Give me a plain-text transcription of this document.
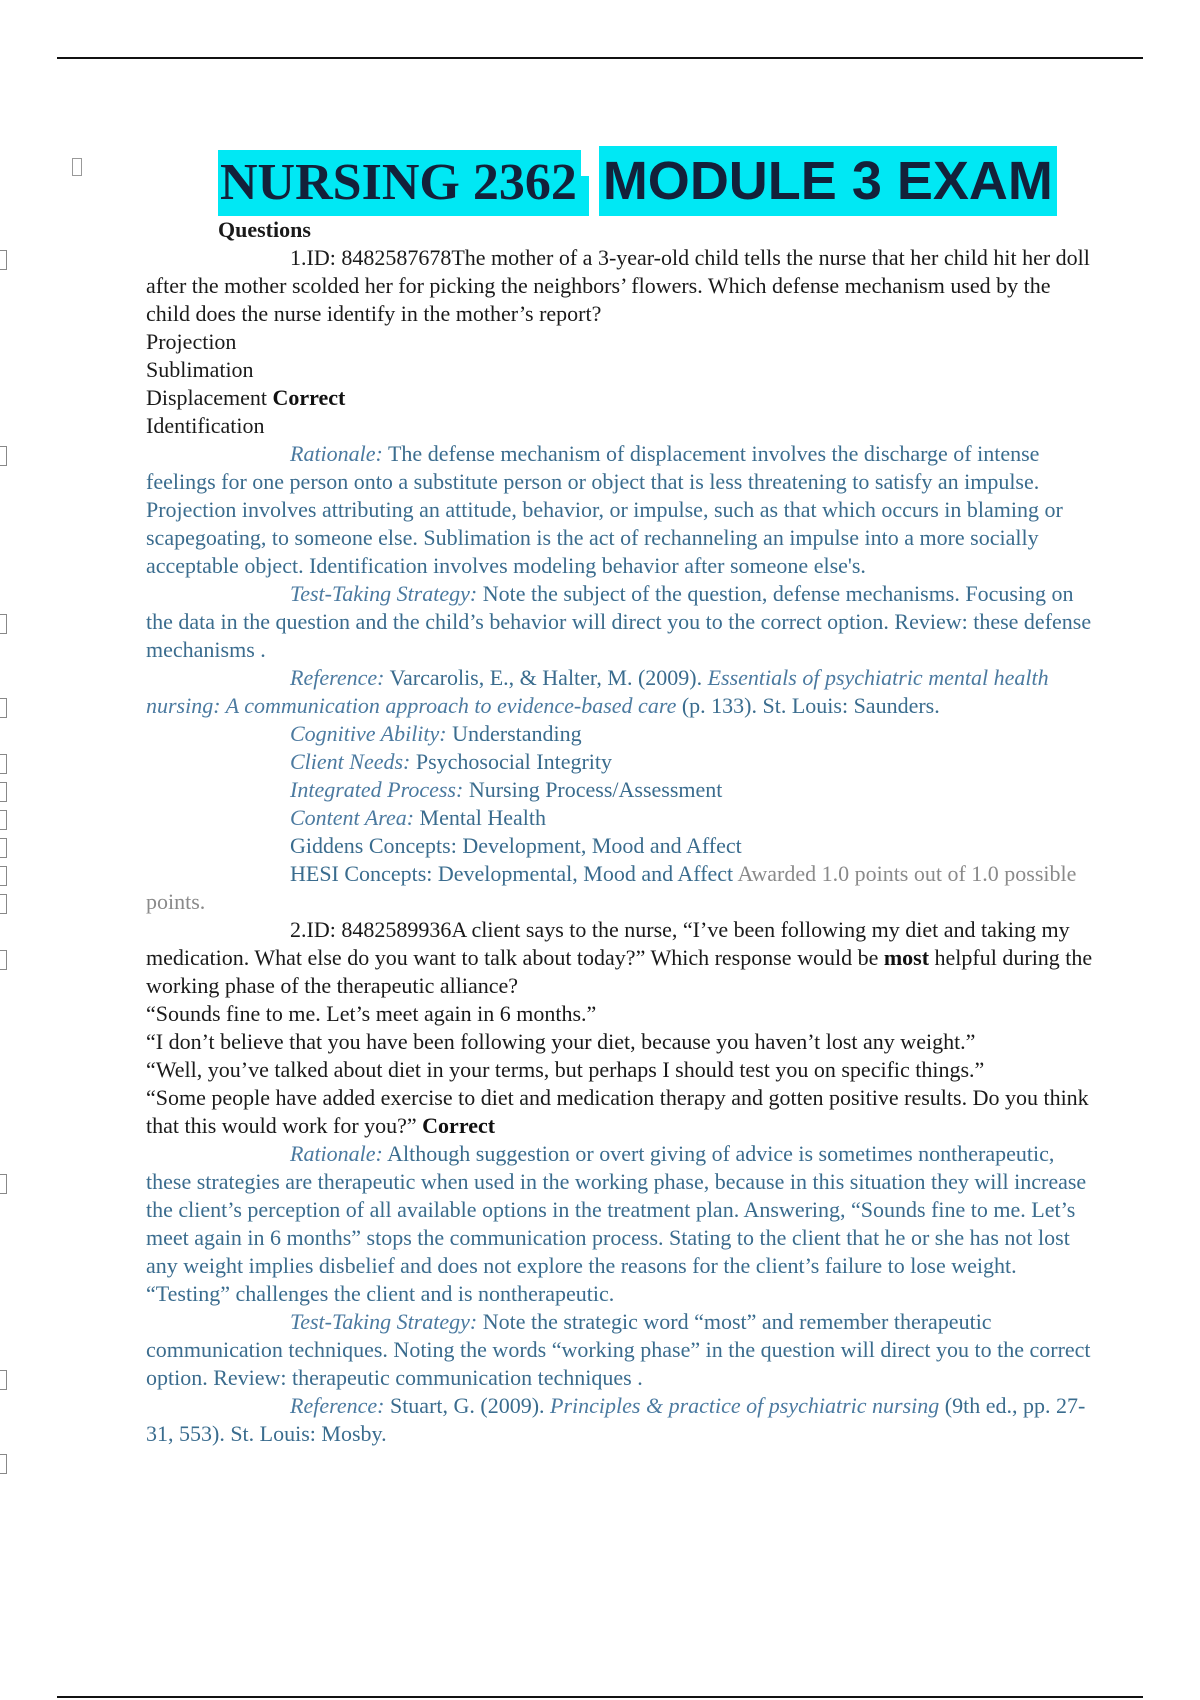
NURSING 2362 MODULE 3 EXAM

Questions

1.ID: 8482587678The mother of a 3-year-old child tells the nurse that her child hit her doll after the mother scolded her for picking the neighbors’ flowers. Which defense mechanism used by the child does the nurse identify in the mother’s report?

Projection

Sublimation

Displacement Correct

Identification

Rationale: The defense mechanism of displacement involves the discharge of intense feelings for one person onto a substitute person or object that is less threatening to satisfy an impulse. Projection involves attributing an attitude, behavior, or impulse, such as that which occurs in blaming or scapegoating, to someone else. Sublimation is the act of rechanneling an impulse into a more socially acceptable object. Identification involves modeling behavior after someone else's.

Test-Taking Strategy: Note the subject of the question, defense mechanisms. Focusing on the data in the question and the child’s behavior will direct you to the correct option. Review: these defense mechanisms .

Reference: Varcarolis, E., & Halter, M. (2009). Essentials of psychiatric mental health nursing: A communication approach to evidence-based care (p. 133). St. Louis: Saunders.

Cognitive Ability: Understanding

Client Needs: Psychosocial Integrity

Integrated Process: Nursing Process/Assessment

Content Area: Mental Health

Giddens Concepts: Development, Mood and Affect

HESI Concepts: Developmental, Mood and Affect Awarded 1.0 points out of 1.0 possible points.

2.ID: 8482589936A client says to the nurse, “I’ve been following my diet and taking my medication. What else do you want to talk about today?” Which response would be most helpful during the working phase of the therapeutic alliance?

“Sounds fine to me. Let’s meet again in 6 months.”

“I don’t believe that you have been following your diet, because you haven’t lost any weight.”

“Well, you’ve talked about diet in your terms, but perhaps I should test you on specific things.”

“Some people have added exercise to diet and medication therapy and gotten positive results. Do you think that this would work for you?” Correct

Rationale: Although suggestion or overt giving of advice is sometimes nontherapeutic, these strategies are therapeutic when used in the working phase, because in this situation they will increase the client’s perception of all available options in the treatment plan. Answering, “Sounds fine to me. Let’s meet again in 6 months” stops the communication process. Stating to the client that he or she has not lost any weight implies disbelief and does not explore the reasons for the client’s failure to lose weight. “Testing” challenges the client and is nontherapeutic.

Test-Taking Strategy: Note the strategic word “most” and remember therapeutic communication techniques. Noting the words “working phase” in the question will direct you to the correct option. Review: therapeutic communication techniques .

Reference: Stuart, G. (2009). Principles & practice of psychiatric nursing (9th ed., pp. 27-31, 553). St. Louis: Mosby.
